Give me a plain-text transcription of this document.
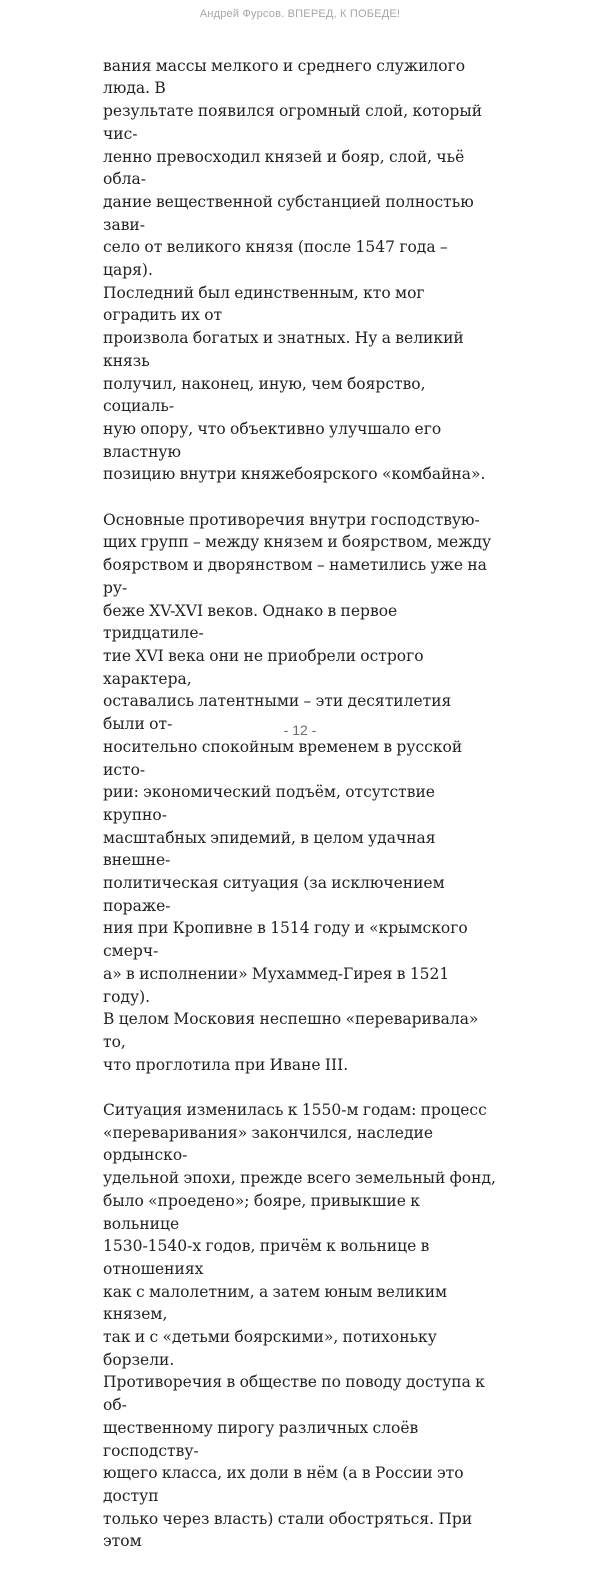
Андрей Фурсов. ВПЕРЕД, К ПОБЕДЕ!

вания массы мелкого и среднего служилого люда. В
результате появился огромный слой, который чис-
ленно превосходил князей и бояр, слой, чьё обла-
дание вещественной субстанцией полностью зави-
село от великого князя (после 1547 года – царя).
Последний был единственным, кто мог оградить их от
произвола богатых и знатных. Ну а великий князь
получил, наконец, иную, чем боярство, социаль-
ную опору, что объективно улучшало его властную
позицию внутри княжебоярского «комбайна».

Основные противоречия внутри господствую-
щих групп – между князем и боярством, между
боярством и дворянством – наметились уже на ру-
беже XV-XVI веков. Однако в первое тридцатиле-
тие XVI века они не приобрели острого характера,
оставались латентными – эти десятилетия были от-
носительно спокойным временем в русской исто-
рии: экономический подъём, отсутствие крупно-
масштабных эпидемий, в целом удачная внешне-
политическая ситуация (за исключением пораже-
ния при Кропивне в 1514 году и «крымского смерч-
а» в исполнении» Мухаммед-Гирея в 1521 году).
В целом Московия неспешно «переваривала» то,
что проглотила при Иване III.

Ситуация изменилась к 1550-м годам: процесс
«переваривания» закончился, наследие ордынско-
удельной эпохи, прежде всего земельный фонд,
было «проедено»; бояре, привыкшие к вольнице
1530-1540-х годов, причём к вольнице в отношениях
как с малолетним, а затем юным великим князем,
так и с «детьми боярскими», потихоньку борзели.
Противоречия в обществе по поводу доступа к об-
щественному пирогу различных слоёв господству-
ющего класса, их доли в нём (а в России это доступ
только через власть) стали обостряться. При этом

- 12 -
